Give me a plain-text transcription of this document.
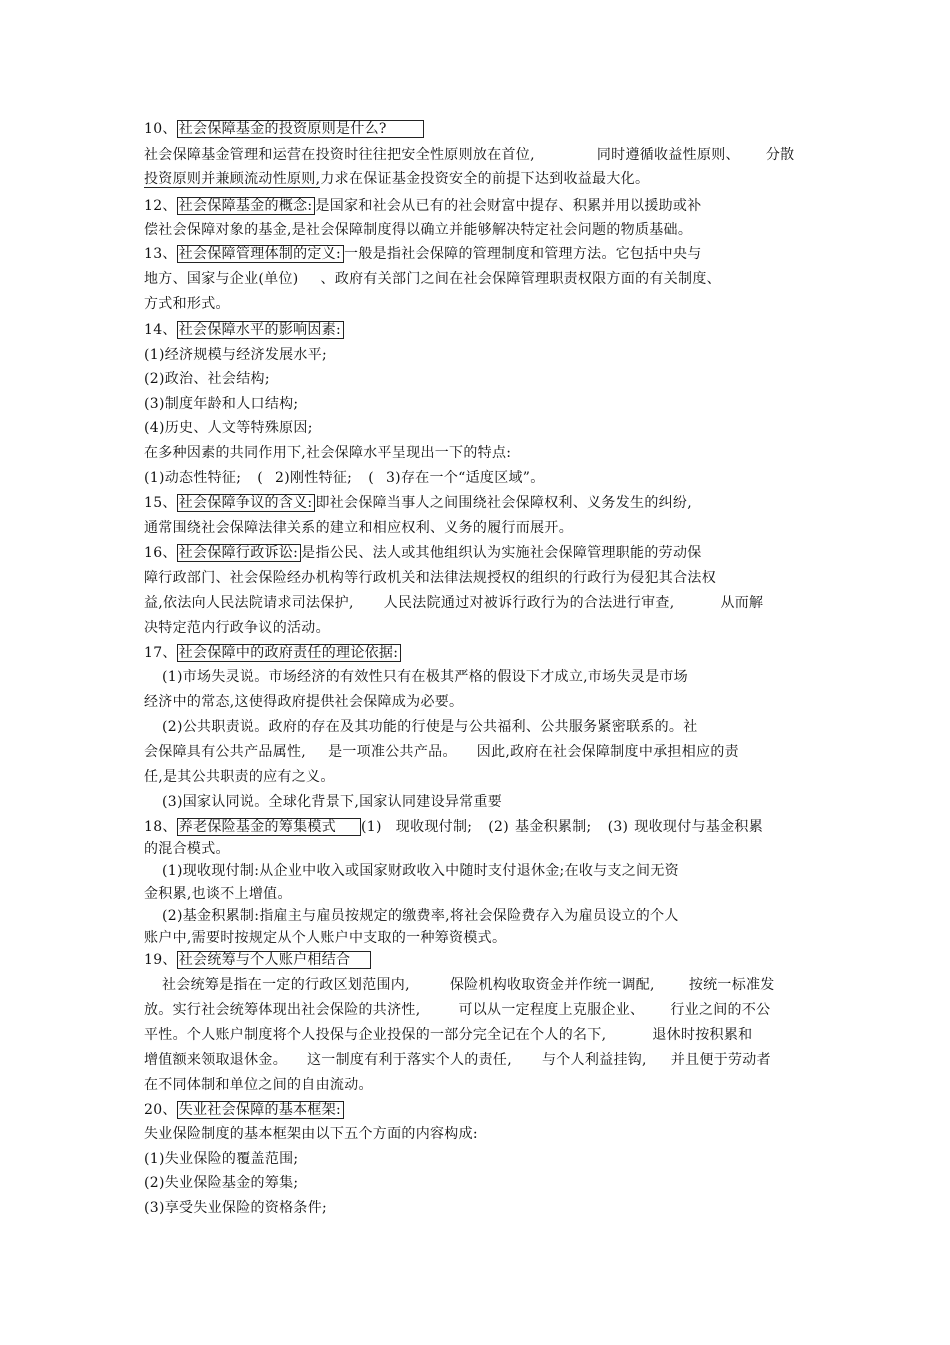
10、 社会保障基金的投资原则是什么?
社会保障基金管理和运营在投资时往往把安全性原则放在首位,	同时遵循收益性原则、 分散
投资原则并兼顾流动性原则,力求在保证基金投资安全的前提下达到收益最大化。
12、 社会保障基金的概念: 是国家和社会从已有的社会财富中提存、积累并用以援助或补
偿社会保障对象的基金,是社会保障制度得以确立并能够解决特定社会问题的物质基础。
13、 社会保障管理体制的定义: 一般是指社会保障的管理制度和管理方法。它包括中央与
地方、国家与企业(单位) 、政府有关部门之间在社会保障管理职责权限方面的有关制度、
方式和形式。
14、 社会保障水平的影响因素:
(1)经济规模与经济发展水平;
(2)政治、社会结构;
(3)制度年龄和人口结构;
(4)历史、人文等特殊原因;
在多种因素的共同作用下,社会保障水平呈现出一下的特点:
(1)动态性特征; ( 2)刚性特征; ( 3)存在一个“适度区域”。
15、 社会保障争议的含义: 即社会保障当事人之间围绕社会保障权利、义务发生的纠纷,
通常围绕社会保障法律关系的建立和相应权利、义务的履行而展开。
16、 社会保障行政诉讼: 是指公民、法人或其他组织认为实施社会保障管理职能的劳动保
障行政部门、社会保险经办机构等行政机关和法律法规授权的组织的行政行为侵犯其合法权
益,依法向人民法院请求司法保护, 人民法院通过对被诉行政行为的合法进行审查,	从而解
决特定范内行政争议的活动。
17、 社会保障中的政府责任的理论依据:
(1)市场失灵说。市场经济的有效性只有在极其严格的假设下才成立,市场失灵是市场
经济中的常态,这使得政府提供社会保障成为必要。
(2)公共职责说。政府的存在及其功能的行使是与公共福利、公共服务紧密联系的。社
会保障具有公共产品属性, 是一项准公共产品。 因此,政府在社会保障制度中承担相应的责
任,是其公共职责的应有之义。
(3)国家认同说。全球化背景下,国家认同建设异常重要
18、 养老保险基金的筹集模式 (1) 现收现付制; (2) 基金积累制; (3) 现收现付与基金积累
的混合模式。
(1)现收现付制:从企业中收入或国家财政收入中随时支付退休金;在收与支之间无资
金积累,也谈不上增值。
(2)基金积累制:指雇主与雇员按规定的缴费率,将社会保险费存入为雇员设立的个人
账户中,需要时按规定从个人账户中支取的一种筹资模式。
19、 社会统筹与个人账户相结合
社会统筹是指在一定的行政区划范围内,	保险机构收取资金并作统一调配, 按统一标准发
放。实行社会统筹体现出社会保险的共济性,	可以从一定程度上克服企业、 行业之间的不公
平性。个人账户制度将个人投保与企业投保的一部分完全记在个人的名下,	退休时按积累和
增值额来领取退休金。 这一制度有利于落实个人的责任, 与个人利益挂钩, 并且便于劳动者
在不同体制和单位之间的自由流动。
20、 失业社会保障的基本框架:
失业保险制度的基本框架由以下五个方面的内容构成:
(1)失业保险的覆盖范围;
(2)失业保险基金的筹集;
(3)享受失业保险的资格条件;
